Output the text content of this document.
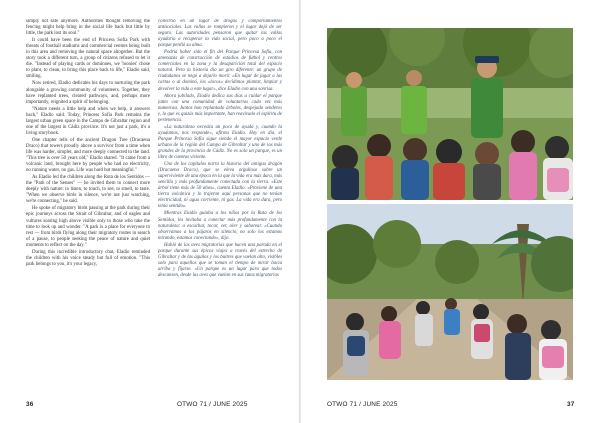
simply not safe anymore. Authorities thought removing the fencing might help bring in the social life back but little by little, the park lost its soul."

It could have been the end of Princess Sofía Park with threats of football stadiums and commercial centres being built in this area and removing the natural space altogether. But the story took a different turn, a group of citizens refused to let it die. "Instead of playing cards or dominoes, we 'loonies' chose to plant, to clean, to bring this place back to life," Eladio said, smiling.

Now retired, Eladio dedicates his days to nurturing the park alongside a growing community of volunteers. Together, they have replanted trees, cleared pathways, and, perhaps more importantly, reignited a spirit of belonging.

"Nature needs a little help and when we help, it answers back," Eladio said. Today, Princess Sofía Park remains the largest urban green space in the Campo de Gibraltar region and one of the largest in Cádiz province. It's not just a park, it's a living storybook.

One chapter tells of the ancient Dragon Tree (Dracaena Draco) that towers proudly above a survivor from a time when life was harder, simpler, and more deeply connected to the land. "This tree is over 50 years old," Eladio shared. "It came from a volcanic land, brought here by people who had no electricity, no running water, no gas. Life was hard but meaningful."

As Eladio led the children along the Ruta de los Sentidos — the "Path of the Senses" — he invited them to connect more deeply with nature: to listen, to touch, to see, to smell, to taste. "When we observe birds in silence, we're not just watching, we're connecting," he said.

He spoke of migratory birds passing at the park during their epic journeys across the Strait of Gibraltar, and of eagles and vultures soaring high above visible only to those who take the time to look up and wonder. "A park is a place for everyone to rest — from birds flying along their migratory routes in search of a pause, to people seeking the peace of nature and quiet moments to reflect on the day."

During this incredible introductory chat, Eladio reminded the children with his voice steady but full of emotion. "This park belongs to you, it's your legacy,

convirtió en un lugar de drogas y comportamientos antisociales. Las vallas se rompieron y el lugar dejó de ser seguro. Las autoridades pensaron que quitar las vallas ayudaría a recuperar la vida social, pero poco a poco el parque perdió su alma.

Podría haber sido el fin del Parque Princesa Sofía, con amenazas de construcción de estadios de fútbol y centros comerciales en la zona y la desaparición total del espacio natural. Pero la historia dio un giro diferente: un grupo de ciudadanos se negó a dejarlo morir. «En lugar de jugar a las cartas o al dominó, los «locos» decidimos plantar, limpiar y devolver la vida a este lugar», dice Eladio con una sonrisa.

Ahora jubilado, Eladio dedica sus días a cuidar el parque junto con una comunidad de voluntarios cada vez más numerosa. Juntos han replantado árboles, despejado senderos y, lo que es quizás más importante, han reavivado el espíritu de pertenencia.

«La naturaleza necesita un poco de ayuda y, cuando la ayudamos, nos responde», afirma Eladio. Hoy en día, el Parque Princesa Sofía sigue siendo el mayor espacio verde urbano de la región del Campo de Gibraltar y uno de los más grandes de la provincia de Cádiz. No es solo un parque, es un libro de cuentos viviente.

Uno de los capítulos narra la historia del antiguo dragón (Dracaena Draco), que se eleva orgulloso sobre un superviviente de una época en la que la vida era más dura, más sencilla y más profundamente conectada con la tierra. «Este árbol tiene más de 50 años», cuenta Eladio. «Proviene de una tierra volcánica y lo trajeron aquí personas que no tenían electricidad, ni agua corriente, ni gas. La vida era dura, pero tenía sentido».

Mientras Eladio guiaba a los niños por la Ruta de los Sentidos, les invitaba a conectar más profundamente con la naturaleza: a escuchar, tocar, ver, oler y saborear. «Cuando observamos a los pájaros en silencio, no solo los estamos mirando, estamos conectando», dijo.

Habló de las aves migratorias que hacen una parada en el parque durante sus épicos viajes a través del estrecho de Gibraltar y de las águilas y los buitres que vuelan alto, visibles solo para aquellos que se toman el tiempo de mirar hacia arriba y fijarse. «Un parque es un lugar para que todos descansen, desde las aves que vuelan en sus rutas migratorias

36	OTWO 71 / JUNE 2025	OTWO 71 / JUNE 2025	37
